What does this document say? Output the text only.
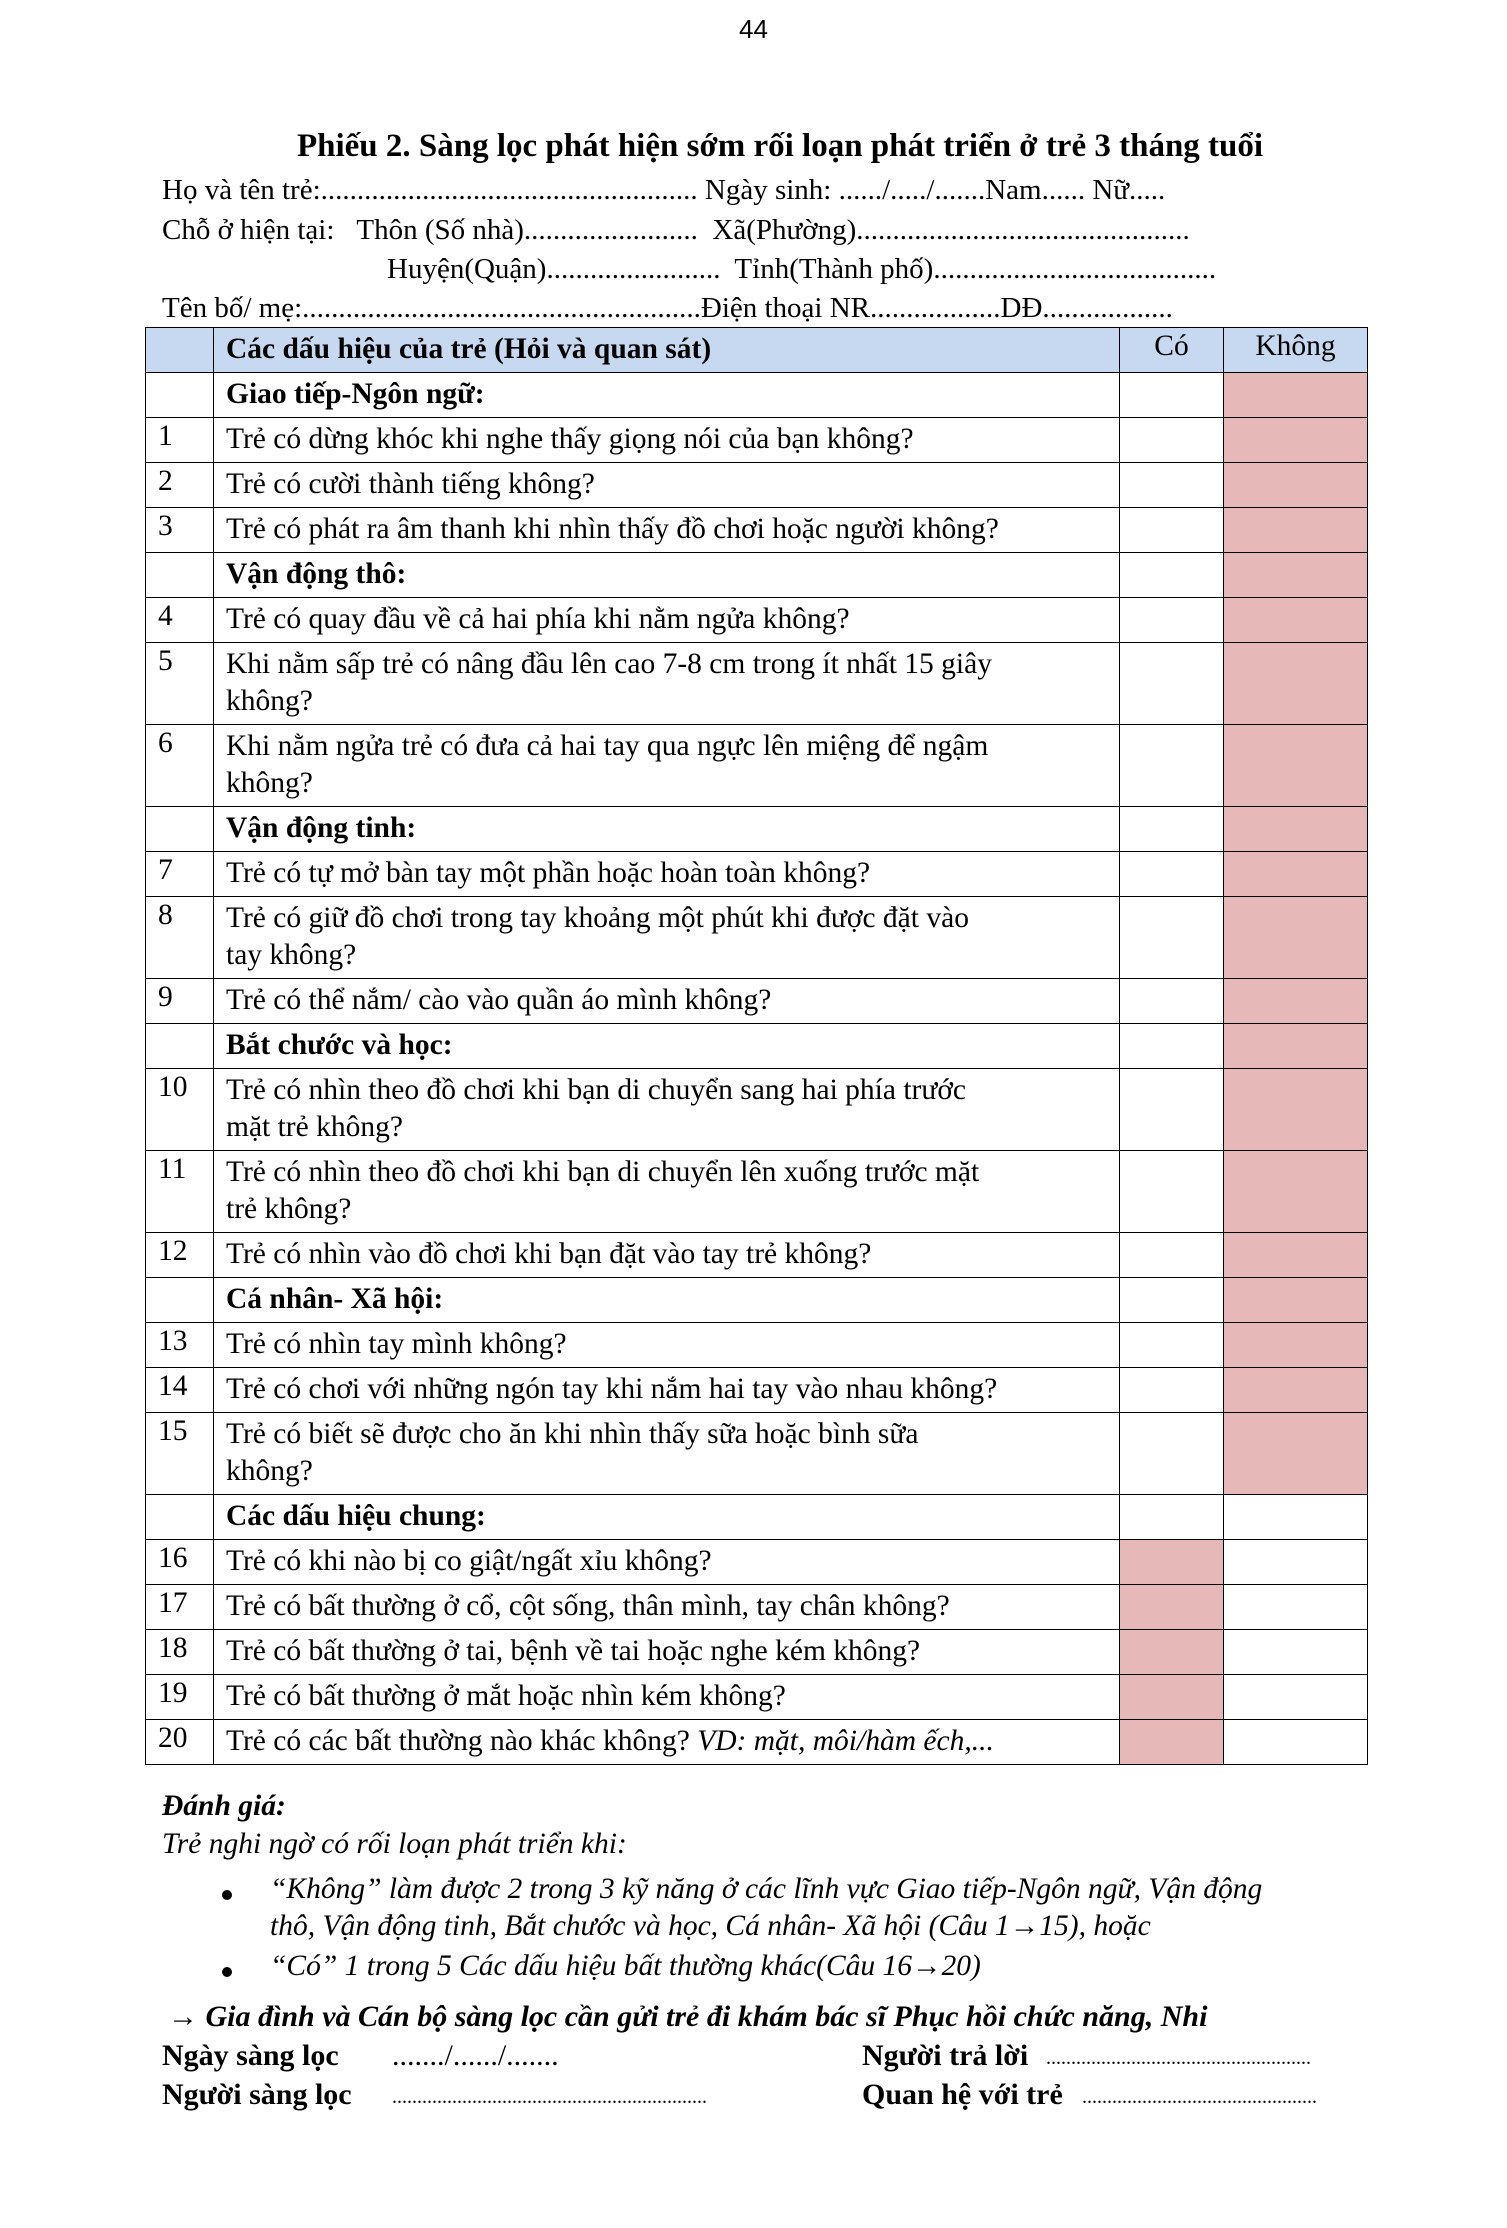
44
Phiếu 2. Sàng lọc phát hiện sớm rối loạn phát triển ở trẻ 3 tháng tuổi
Họ và tên trẻ:.................................................... Ngày sinh: ....../...../.......Nam...... Nữ.....
Chỗ ở hiện tại: Thôn (Số nhà)........................  Xã(Phường)..............................................
Huyện(Quận)........................  Tỉnh(Thành phố).......................................
Tên bố/ mẹ:.......................................................Điện thoại NR..................DĐ..................
	Các dấu hiệu của trẻ (Hỏi và quan sát)	Có	Không
	Giao tiếp-Ngôn ngữ:		
1	Trẻ có dừng khóc khi nghe thấy giọng nói của bạn không?		
2	Trẻ có cười thành tiếng không?		
3	Trẻ có phát ra âm thanh khi nhìn thấy đồ chơi hoặc người không?		
	Vận động thô:		
4	Trẻ có quay đầu về cả hai phía khi nằm ngửa không?		
5	Khi nằm sấp trẻ có nâng đầu lên cao 7-8 cm trong ít nhất 15 giây
không?		
6	Khi nằm ngửa trẻ có đưa cả hai tay qua ngực lên miệng để ngậm
không?		
	Vận động tinh:		
7	Trẻ có tự mở bàn tay một phần hoặc hoàn toàn không?		
8	Trẻ có giữ đồ chơi trong tay khoảng một phút khi được đặt vào
tay không?		
9	Trẻ có thể nắm/ cào vào quần áo mình không?		
	Bắt chước và học:		
10	Trẻ có nhìn theo đồ chơi khi bạn di chuyển sang hai phía trước
mặt trẻ không?		
11	Trẻ có nhìn theo đồ chơi khi bạn di chuyển lên xuống trước mặt
trẻ không?		
12	Trẻ có nhìn vào đồ chơi khi bạn đặt vào tay trẻ không?		
	Cá nhân- Xã hội:		
13	Trẻ có nhìn tay mình không?		
14	Trẻ có chơi với những ngón tay khi nắm hai tay vào nhau không?		
15	Trẻ có biết sẽ được cho ăn khi nhìn thấy sữa hoặc bình sữa
không?		
	Các dấu hiệu chung:		
16	Trẻ có khi nào bị co giật/ngất xỉu không?		
17	Trẻ có bất thường ở cổ, cột sống, thân mình, tay chân không?		
18	Trẻ có bất thường ở tai, bệnh về tai hoặc nghe kém không?		
19	Trẻ có bất thường ở mắt hoặc nhìn kém không?		
20	Trẻ có các bất thường nào khác không? VD: mặt, môi/hàm ếch,...		
Đánh giá:
Trẻ nghi ngờ có rối loạn phát triển khi:
“Không” làm được 2 trong 3 kỹ năng ở các lĩnh vực Giao tiếp-Ngôn ngữ, Vận động
thô, Vận động tinh, Bắt chước và học, Cá nhân- Xã hội (Câu 1→15), hoặc
“Có” 1 trong 5 Các dấu hiệu bất thường khác(Câu 16→20)
→ Gia đình và Cán bộ sàng lọc cần gửi trẻ đi khám bác sĩ Phục hồi chức năng, Nhi
Ngày sàng lọc ......./....../.......	Người trả lời .....................................................
Người sàng lọc ...............................................................	Quan hệ với trẻ ...............................................
